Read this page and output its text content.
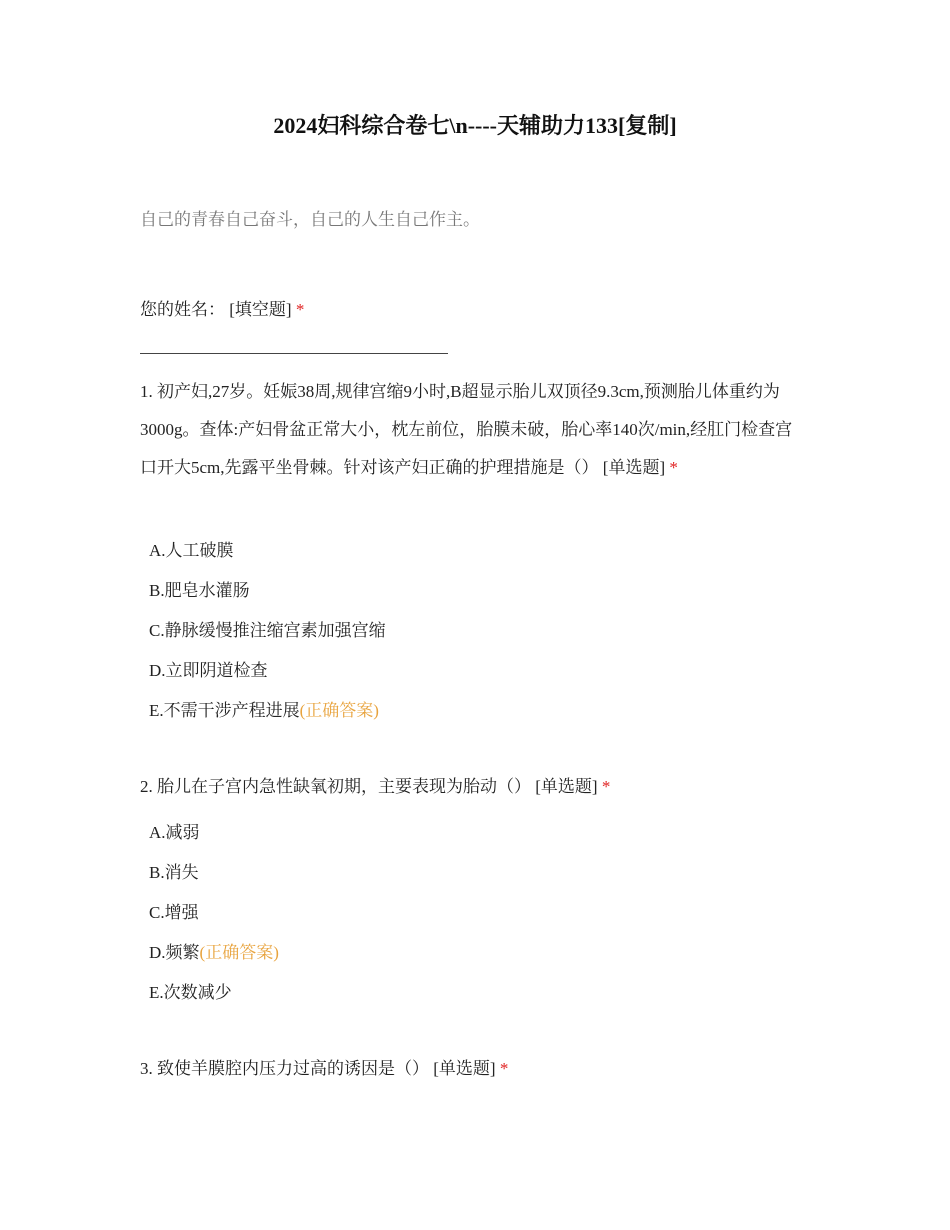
2024妇科综合卷七\n----天辅助力133[复制]
自己的青春自己奋斗，自己的人生自己作主。
您的姓名： [填空题] *
1. 初产妇,27岁。妊娠38周,规律宫缩9小时,B超显示胎儿双顶径9.3cm,预测胎儿体重约为3000g。查体:产妇骨盆正常大小，枕左前位，胎膜未破，胎心率140次/min,经肛门检查宫口开大5cm,先露平坐骨棘。针对该产妇正确的护理措施是（） [单选题] *
A.人工破膜
B.肥皂水灌肠
C.静脉缓慢推注缩宫素加强宫缩
D.立即阴道检查
E.不需干涉产程进展(正确答案)
2. 胎儿在子宫内急性缺氧初期，主要表现为胎动（） [单选题] *
A.减弱
B.消失
C.增强
D.频繁(正确答案)
E.次数减少
3. 致使羊膜腔内压力过高的诱因是（） [单选题] *
